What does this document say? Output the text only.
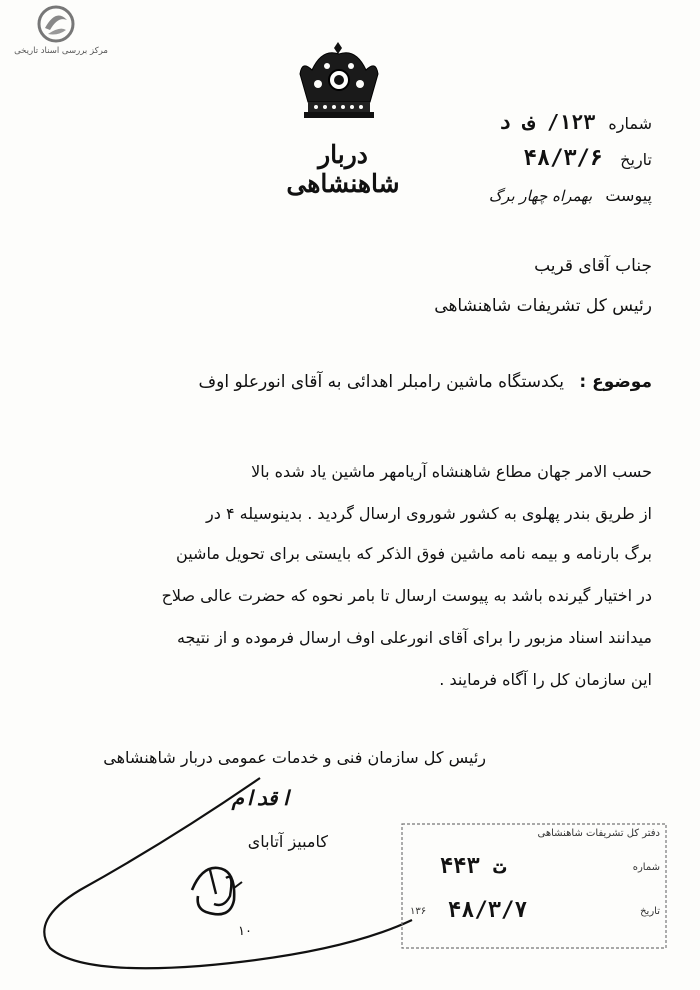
مرکز بررسی اسناد تاریخی
دربار شاهنشاهی
شماره ۱۲۳/ ف د
تاریخ ۴۸/۳/۶
پیوست بهمراه چهار برگ
جناب آقای قریب
رئیس کل تشریفات شاهنشاهی
موضوع : یکدستگاه ماشین رامبلر اهدائی به آقای انورعلو اوف
حسب الامر جهان مطاع شاهنشاه آریامهر ماشین یاد شده بالا
از طریق بندر پهلوی به کشور شوروی ارسال گردید . بدینوسیله ۴ در
برگ بارنامه و بیمه نامه ماشین فوق الذکر که بایستی برای تحویل ماشین
در اختیار گیرنده باشد به پیوست ارسال تا بامر نحوه که حضرت عالی صلاح
میدانند اسناد مزبور را برای آقای انورعلی اوف ارسال فرموده و از نتیجه
این سازمان کل را آگاه فرمایند .
رئیس کل سازمان فنی و خدمات عمومی دربار شاهنشاهی
اقدام
کامبیز آتابای
۱۰
دفتر کل تشریفات شاهنشاهی
شماره
۴۴۳ ت
تاریخ
۴۸/۳/۷
۱۳۶
